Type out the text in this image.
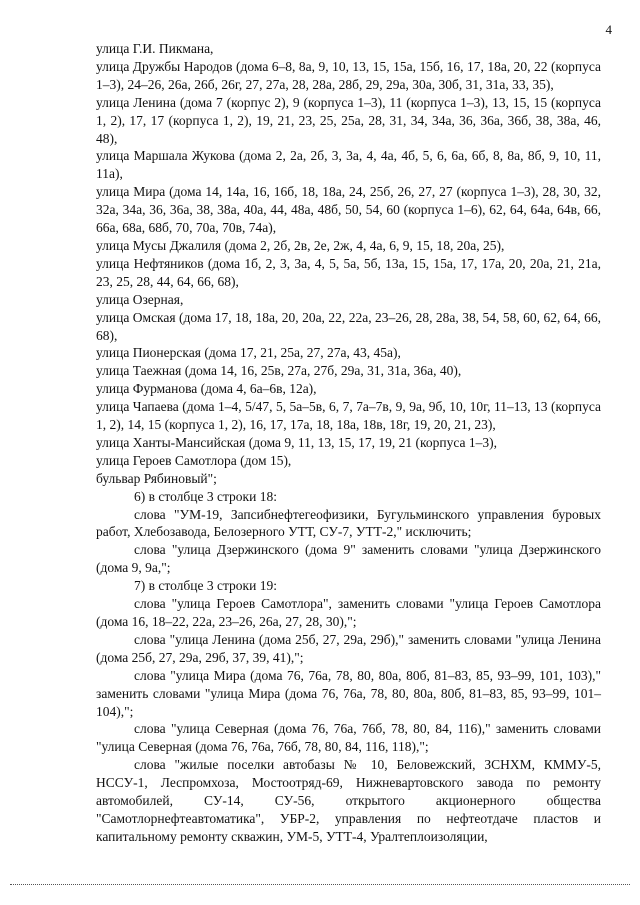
4

улица Г.И. Пикмана,

улица Дружбы Народов (дома 6–8, 8а, 9, 10, 13, 15, 15а, 15б, 16, 17, 18а, 20, 22 (корпуса 1–3), 24–26, 26а, 26б, 26г, 27, 27а, 28, 28а, 28б, 29, 29а, 30а, 30б, 31, 31а, 33, 35),

улица Ленина (дома 7 (корпус 2), 9 (корпуса 1–3), 11 (корпуса 1–3), 13, 15, 15 (корпуса 1, 2), 17, 17 (корпуса 1, 2), 19, 21, 23, 25, 25а, 28, 31, 34, 34а, 36, 36а, 36б, 38, 38а, 46, 48),

улица Маршала Жукова (дома 2, 2а, 2б, 3, 3а, 4, 4а, 4б, 5, 6, 6а, 6б, 8, 8а, 8б, 9, 10, 11, 11а),

улица Мира (дома 14, 14а, 16, 16б, 18, 18а, 24, 25б, 26, 27, 27 (корпуса 1–3), 28, 30, 32, 32а, 34а, 36, 36а, 38, 38а, 40а, 44, 48а, 48б, 50, 54, 60 (корпуса 1–6), 62, 64, 64а, 64в, 66, 66а, 68а, 68б, 70, 70а, 70в, 74а),

улица Мусы Джалиля (дома 2, 2б, 2в, 2е, 2ж, 4, 4а, 6, 9, 15, 18, 20а, 25),

улица Нефтяников (дома 1б, 2, 3, 3а, 4, 5, 5а, 5б, 13а, 15, 15а, 17, 17а, 20, 20а, 21, 21а, 23, 25, 28, 44, 64, 66, 68),

улица Озерная,

улица Омская (дома 17, 18, 18а, 20, 20а, 22, 22а, 23–26, 28, 28а, 38, 54, 58, 60, 62, 64, 66, 68),

улица Пионерская (дома 17, 21, 25а, 27, 27а, 43, 45а),

улица Таежная (дома 14, 16, 25в, 27а, 27б, 29а, 31, 31а, 36а, 40),

улица Фурманова (дома 4, 6а–6в, 12а),

улица Чапаева (дома 1–4, 5/47, 5, 5а–5в, 6, 7, 7а–7в, 9, 9а, 9б, 10, 10г, 11–13, 13 (корпуса 1, 2), 14, 15 (корпуса 1, 2), 16, 17, 17а, 18, 18а, 18в, 18г, 19, 20, 21, 23),

улица Ханты-Мансийская (дома 9, 11, 13, 15, 17, 19, 21 (корпуса 1–3),

улица Героев Самотлора (дом 15),

бульвар Рябиновый";

6) в столбце 3 строки 18:

слова "УМ-19, Запсибнефтегеофизики, Бугульминского управления буровых работ, Хлебозавода, Белозерного УТТ, СУ-7, УТТ-2," исключить;

слова "улица Дзержинского (дома 9" заменить словами "улица Дзержинского (дома 9, 9а,";

7) в столбце 3 строки 19:

слова "улица Героев Самотлора", заменить словами "улица Героев Самотлора (дома 16, 18–22, 22а, 23–26, 26а, 27, 28, 30),";

слова "улица Ленина (дома 25б, 27, 29а, 29б)," заменить словами "улица Ленина (дома 25б, 27, 29а, 29б, 37, 39, 41),";

слова "улица Мира (дома 76, 76а, 78, 80, 80а, 80б, 81–83, 85, 93–99, 101, 103)," заменить словами "улица Мира (дома 76, 76а, 78, 80, 80а, 80б, 81–83, 85, 93–99, 101–104),";

слова "улица Северная (дома 76, 76а, 76б, 78, 80, 84, 116)," заменить словами "улица Северная (дома 76, 76а, 76б, 78, 80, 84, 116, 118),";

слова "жилые поселки автобазы № 10, Беловежский, ЗСНХМ, КММУ-5, НССУ-1, Леспромхоза, Мостоотряд-69, Нижневартовского завода по ремонту автомобилей, СУ-14, СУ-56, открытого акционерного общества "Самотлорнефтеавтоматика", УБР-2, управления по нефтеотдаче пластов и капитальному ремонту скважин, УМ-5, УТТ-4, Уралтеплоизоляции,
